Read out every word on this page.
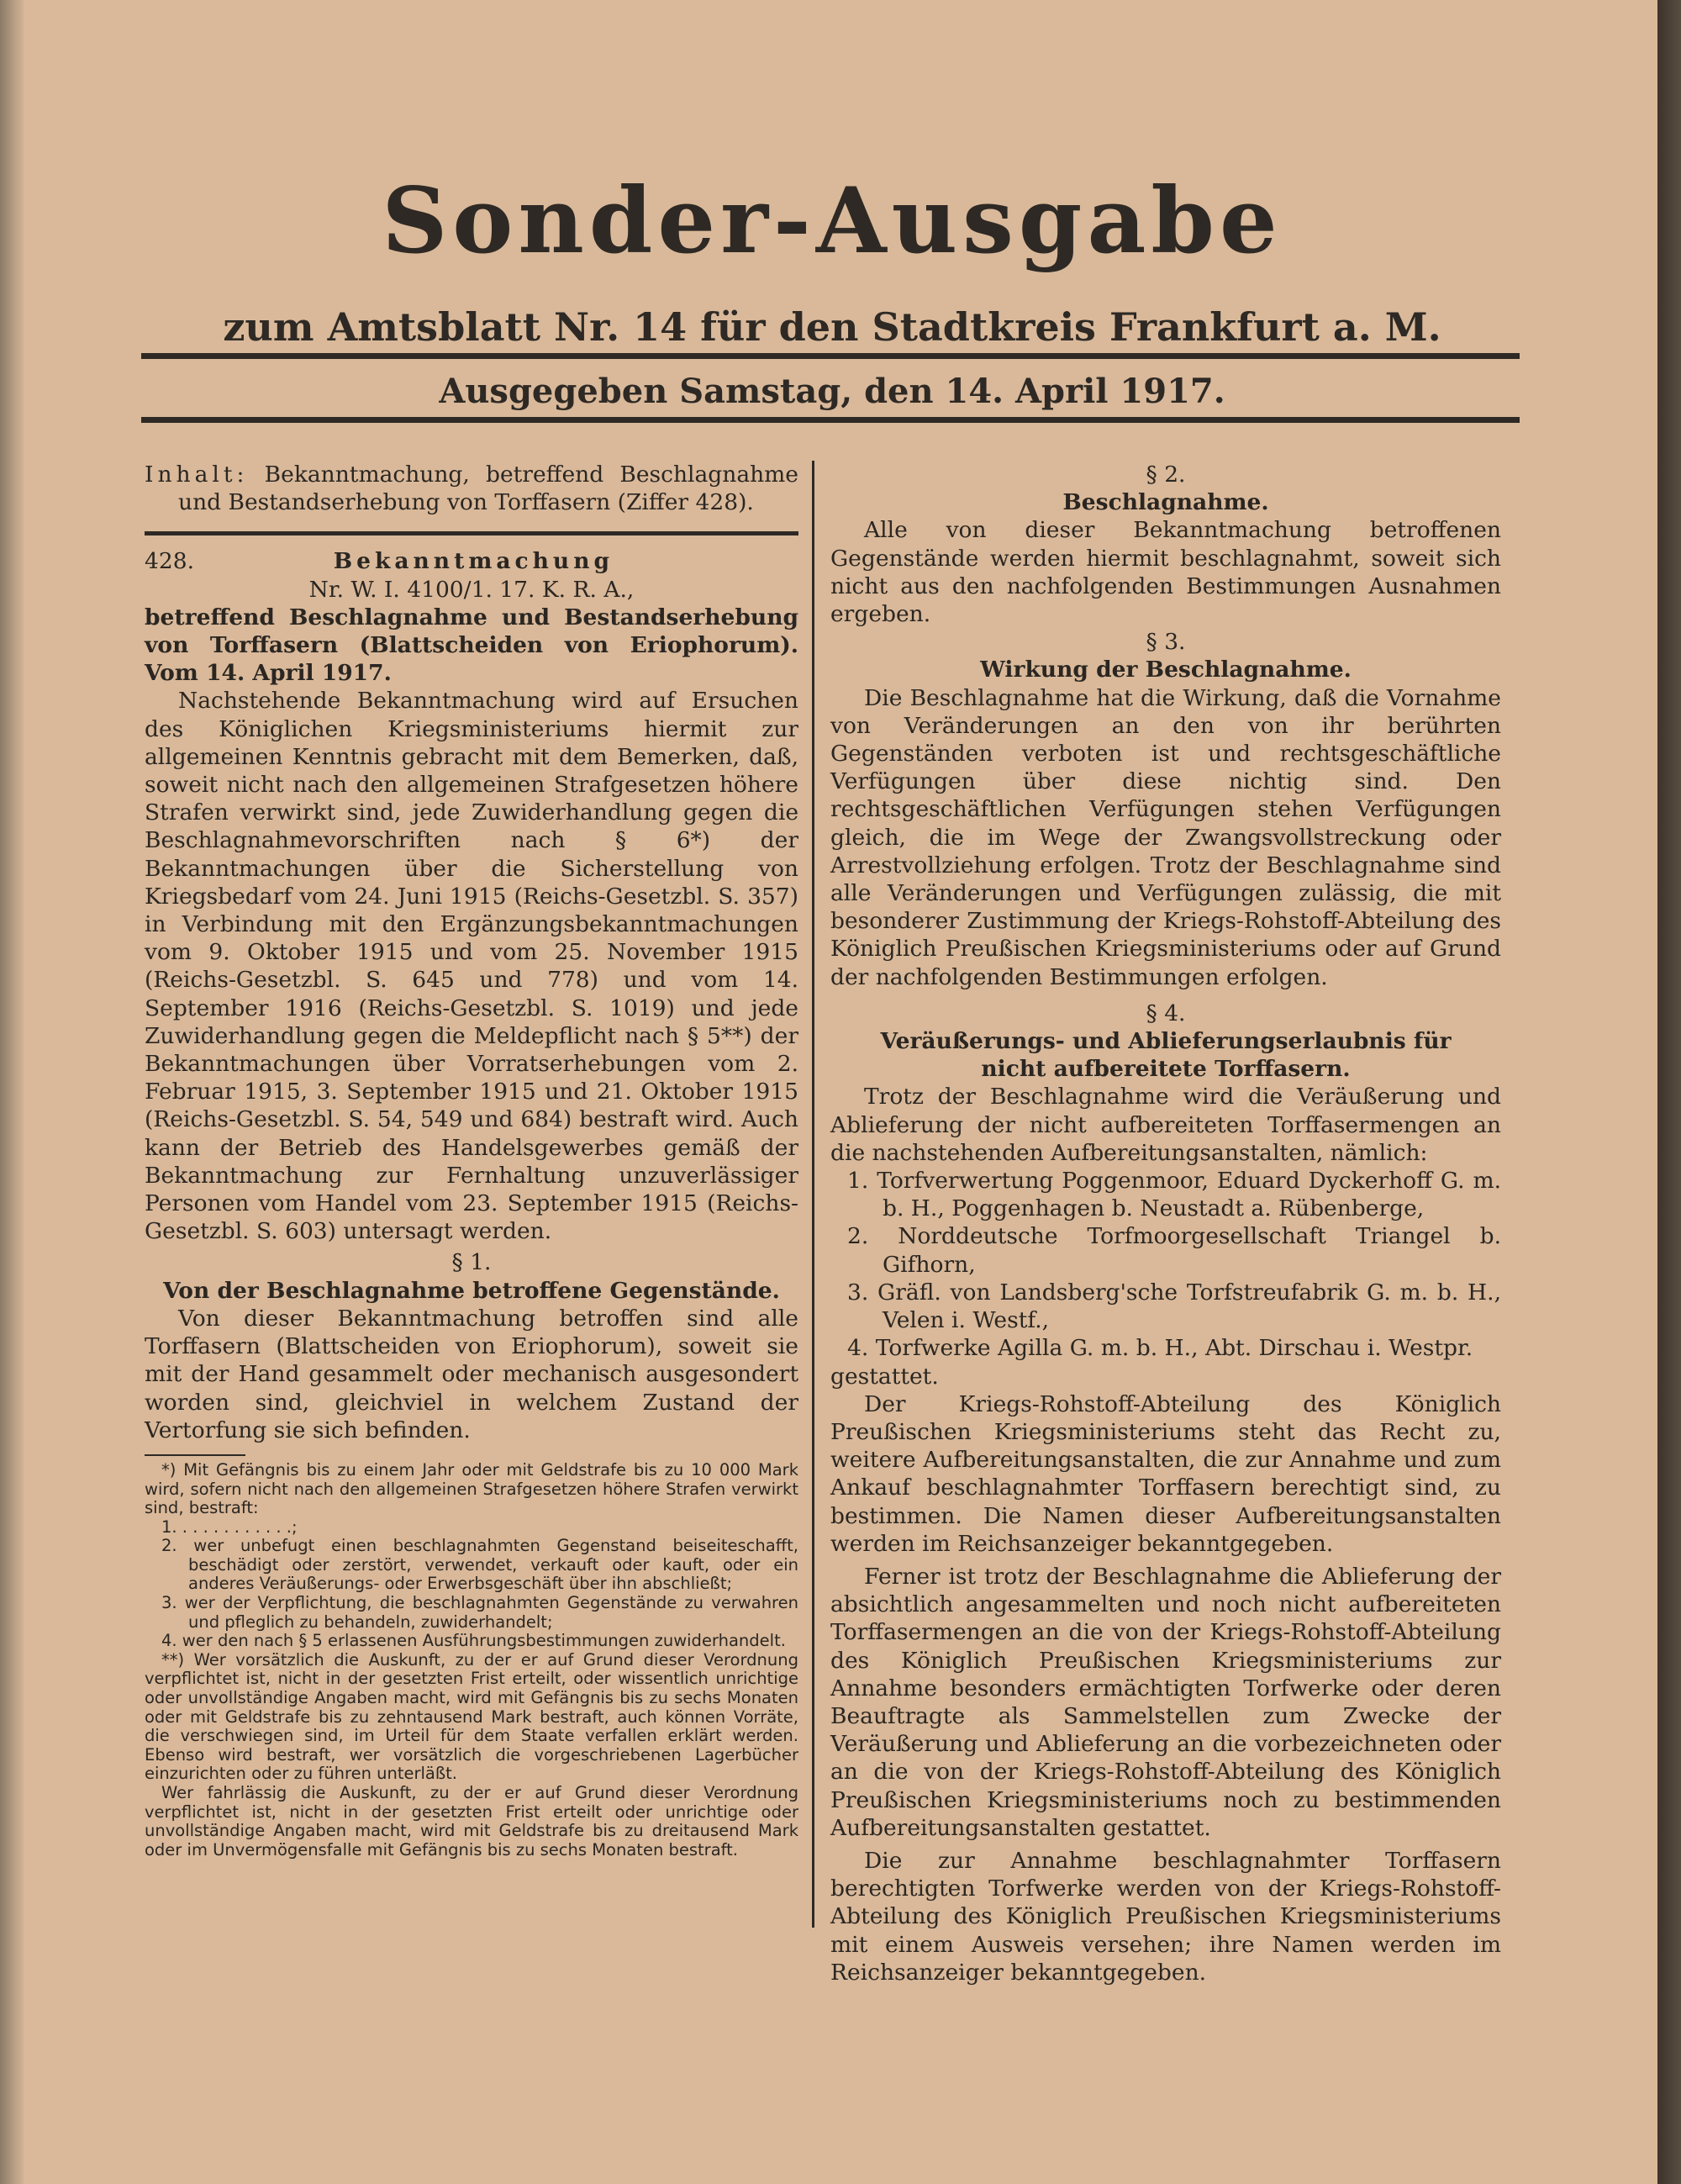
Sonder-Ausgabe
zum Amtsblatt Nr. 14 für den Stadtkreis Frankfurt a. M.
Ausgegeben Samstag, den 14. April 1917.

Inhalt: Bekanntmachung, betreffend Beschlagnahme und Bestandserhebung von Torffasern (Ziffer 428).

428.	Bekanntmachung

Nr. W. I. 4100/1. 17. K. R. A.,

betreffend Beschlagnahme und Bestandserhebung von Torffasern (Blattscheiden von Eriophorum). Vom 14. April 1917.

Nachstehende Bekanntmachung wird auf Ersuchen des Königlichen Kriegsministeriums hiermit zur allgemeinen Kenntnis gebracht mit dem Bemerken, daß, soweit nicht nach den allgemeinen Strafgesetzen höhere Strafen verwirkt sind, jede Zuwiderhandlung gegen die Beschlagnahmevorschriften nach § 6*) der Bekanntmachungen über die Sicherstellung von Kriegsbedarf vom 24. Juni 1915 (Reichs-Gesetzbl. S. 357) in Verbindung mit den Ergänzungsbekanntmachungen vom 9. Oktober 1915 und vom 25. November 1915 (Reichs-Gesetzbl. S. 645 und 778) und vom 14. September 1916 (Reichs-Gesetzbl. S. 1019) und jede Zuwiderhandlung gegen die Meldepflicht nach § 5**) der Bekanntmachungen über Vorratserhebungen vom 2. Februar 1915, 3. September 1915 und 21. Oktober 1915 (Reichs-Gesetzbl. S. 54, 549 und 684) bestraft wird. Auch kann der Betrieb des Handelsgewerbes gemäß der Bekanntmachung zur Fernhaltung unzuverlässiger Personen vom Handel vom 23. September 1915 (Reichs-Gesetzbl. S. 603) untersagt werden.

§ 1.

Von der Beschlagnahme betroffene Gegenstände.

Von dieser Bekanntmachung betroffen sind alle Torffasern (Blattscheiden von Eriophorum), soweit sie mit der Hand gesammelt oder mechanisch ausgesondert worden sind, gleichviel in welchem Zustand der Vertorfung sie sich befinden.

*) Mit Gefängnis bis zu einem Jahr oder mit Geldstrafe bis zu 10 000 Mark wird, sofern nicht nach den allgemeinen Strafgesetzen höhere Strafen verwirkt sind, bestraft:

1. . . . . . . . . . . .;

2. wer unbefugt einen beschlagnahmten Gegenstand beiseiteschafft, beschädigt oder zerstört, verwendet, verkauft oder kauft, oder ein anderes Veräußerungs- oder Erwerbsgeschäft über ihn abschließt;

3. wer der Verpflichtung, die beschlagnahmten Gegenstände zu verwahren und pfleglich zu behandeln, zuwiderhandelt;

4. wer den nach § 5 erlassenen Ausführungsbestimmungen zuwiderhandelt.

**) Wer vorsätzlich die Auskunft, zu der er auf Grund dieser Verordnung verpflichtet ist, nicht in der gesetzten Frist erteilt, oder wissentlich unrichtige oder unvollständige Angaben macht, wird mit Gefängnis bis zu sechs Monaten oder mit Geldstrafe bis zu zehntausend Mark bestraft, auch können Vorräte, die verschwiegen sind, im Urteil für dem Staate verfallen erklärt werden. Ebenso wird bestraft, wer vorsätzlich die vorgeschriebenen Lagerbücher einzurichten oder zu führen unterläßt.

Wer fahrlässig die Auskunft, zu der er auf Grund dieser Verordnung verpflichtet ist, nicht in der gesetzten Frist erteilt oder unrichtige oder unvollständige Angaben macht, wird mit Geldstrafe bis zu dreitausend Mark oder im Unvermögensfalle mit Gefängnis bis zu sechs Monaten bestraft.

§ 2.

Beschlagnahme.

Alle von dieser Bekanntmachung betroffenen Gegenstände werden hiermit beschlagnahmt, soweit sich nicht aus den nachfolgenden Bestimmungen Ausnahmen ergeben.

§ 3.

Wirkung der Beschlagnahme.

Die Beschlagnahme hat die Wirkung, daß die Vornahme von Veränderungen an den von ihr berührten Gegenständen verboten ist und rechtsgeschäftliche Verfügungen über diese nichtig sind. Den rechtsgeschäftlichen Verfügungen stehen Verfügungen gleich, die im Wege der Zwangsvollstreckung oder Arrestvollziehung erfolgen. Trotz der Beschlagnahme sind alle Veränderungen und Verfügungen zulässig, die mit besonderer Zustimmung der Kriegs-Rohstoff-Abteilung des Königlich Preußischen Kriegsministeriums oder auf Grund der nachfolgenden Bestimmungen erfolgen.

§ 4.

Veräußerungs- und Ablieferungserlaubnis für nicht aufbereitete Torffasern.

Trotz der Beschlagnahme wird die Veräußerung und Ablieferung der nicht aufbereiteten Torffasermengen an die nachstehenden Aufbereitungsanstalten, nämlich:

1. Torfverwertung Poggenmoor, Eduard Dyckerhoff G. m. b. H., Poggenhagen b. Neustadt a. Rübenberge,

2. Norddeutsche Torfmoorgesellschaft Triangel b. Gifhorn,

3. Gräfl. von Landsberg'sche Torfstreufabrik G. m. b. H., Velen i. Westf.,

4. Torfwerke Agilla G. m. b. H., Abt. Dirschau i. Westpr.

gestattet.

Der Kriegs-Rohstoff-Abteilung des Königlich Preußischen Kriegsministeriums steht das Recht zu, weitere Aufbereitungsanstalten, die zur Annahme und zum Ankauf beschlagnahmter Torffasern berechtigt sind, zu bestimmen. Die Namen dieser Aufbereitungsanstalten werden im Reichsanzeiger bekanntgegeben.

Ferner ist trotz der Beschlagnahme die Ablieferung der absichtlich angesammelten und noch nicht aufbereiteten Torffasermengen an die von der Kriegs-Rohstoff-Abteilung des Königlich Preußischen Kriegsministeriums zur Annahme besonders ermächtigten Torfwerke oder deren Beauftragte als Sammelstellen zum Zwecke der Veräußerung und Ablieferung an die vorbezeichneten oder an die von der Kriegs-Rohstoff-Abteilung des Königlich Preußischen Kriegsministeriums noch zu bestimmenden Aufbereitungsanstalten gestattet.

Die zur Annahme beschlagnahmter Torffasern berechtigten Torfwerke werden von der Kriegs-Rohstoff-Abteilung des Königlich Preußischen Kriegsministeriums mit einem Ausweis versehen; ihre Namen werden im Reichsanzeiger bekanntgegeben.
